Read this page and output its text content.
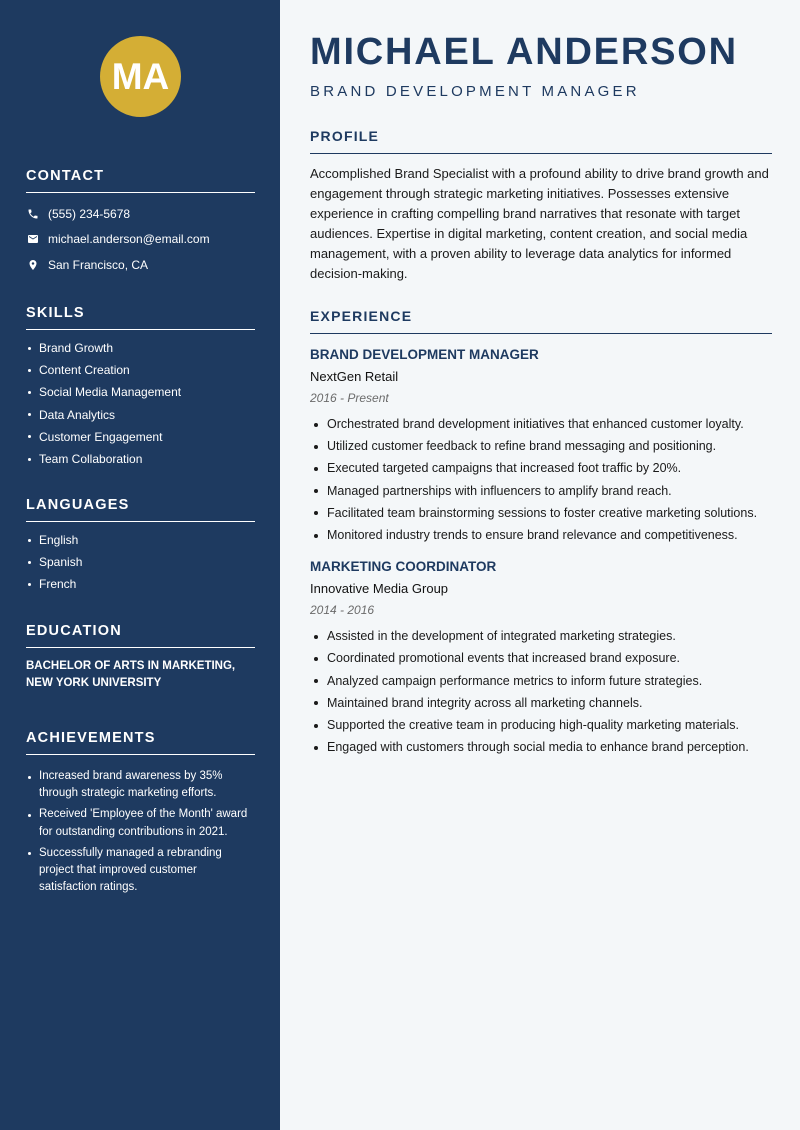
MA
CONTACT
(555) 234-5678
michael.anderson@email.com
San Francisco, CA
SKILLS
Brand Growth
Content Creation
Social Media Management
Data Analytics
Customer Engagement
Team Collaboration
LANGUAGES
English
Spanish
French
EDUCATION
BACHELOR OF ARTS IN MARKETING,
NEW YORK UNIVERSITY
ACHIEVEMENTS
Increased brand awareness by 35% through strategic marketing efforts.
Received 'Employee of the Month' award for outstanding contributions in 2021.
Successfully managed a rebranding project that improved customer satisfaction ratings.
MICHAEL ANDERSON
BRAND DEVELOPMENT MANAGER
PROFILE

Accomplished Brand Specialist with a profound ability to drive brand growth and engagement through strategic marketing initiatives. Possesses extensive experience in crafting compelling brand narratives that resonate with target audiences. Expertise in digital marketing, content creation, and social media management, with a proven ability to leverage data analytics for informed decision-making.

EXPERIENCE
BRAND DEVELOPMENT MANAGER
NextGen Retail
2016 - Present
Orchestrated brand development initiatives that enhanced customer loyalty.
Utilized customer feedback to refine brand messaging and positioning.
Executed targeted campaigns that increased foot traffic by 20%.
Managed partnerships with influencers to amplify brand reach.
Facilitated team brainstorming sessions to foster creative marketing solutions.
Monitored industry trends to ensure brand relevance and competitiveness.
MARKETING COORDINATOR
Innovative Media Group
2014 - 2016
Assisted in the development of integrated marketing strategies.
Coordinated promotional events that increased brand exposure.
Analyzed campaign performance metrics to inform future strategies.
Maintained brand integrity across all marketing channels.
Supported the creative team in producing high-quality marketing materials.
Engaged with customers through social media to enhance brand perception.
